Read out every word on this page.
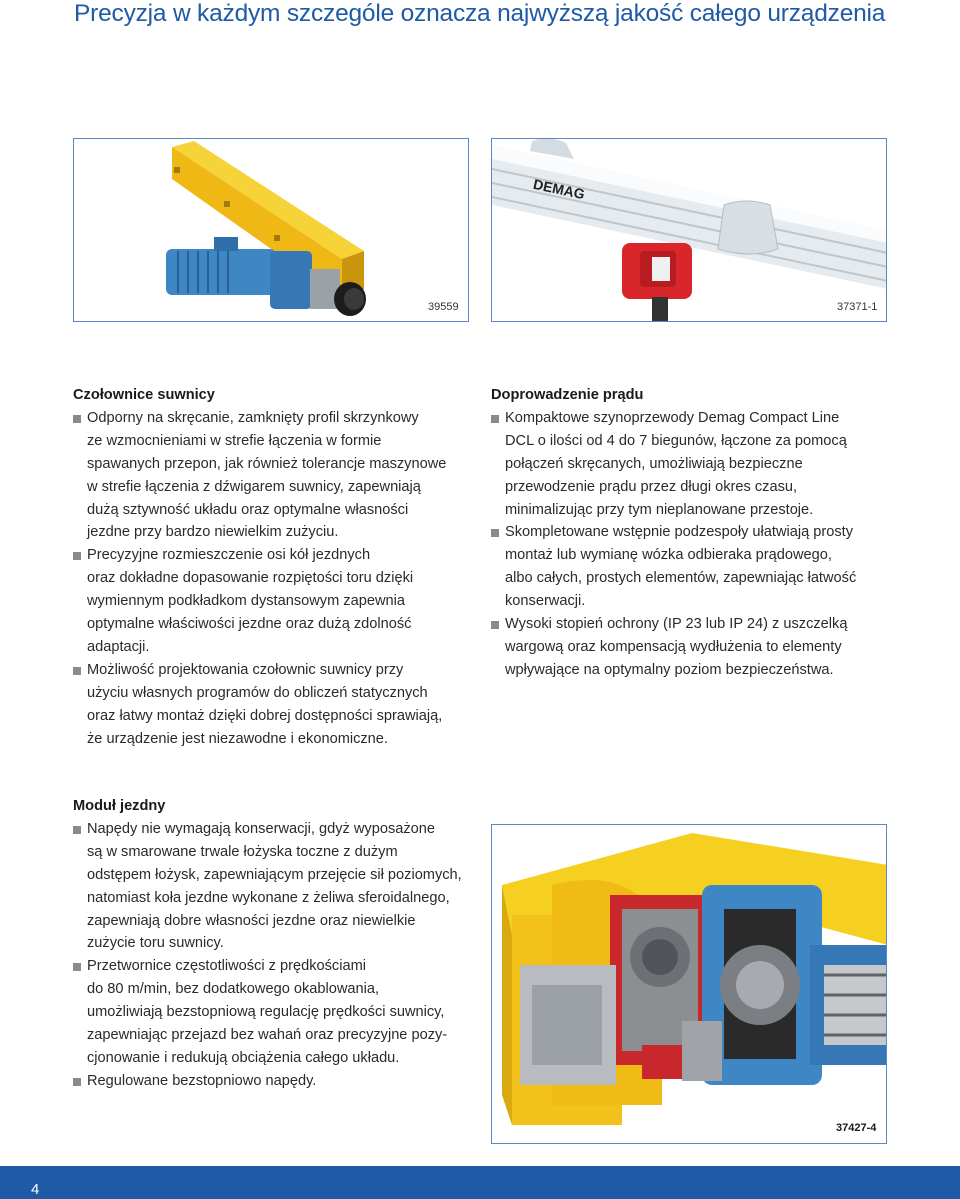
Precyzja w każdym szczególe oznacza najwyższą jakość całego urządzenia
39559
DEMAG
37371-1
Czołownice suwnicy
Odporny na skręcanie, zamknięty profil skrzynkowy
ze wzmocnieniami w strefie łączenia w formie
spawanych przepon, jak również tolerancje maszynowe
w strefie łączenia z dźwigarem suwnicy, zapewniają
dużą sztywność układu oraz optymalne własności
jezdne przy bardzo niewielkim zużyciu.
Precyzyjne rozmieszczenie osi kół jezdnych
oraz dokładne dopasowanie rozpiętości toru dzięki
wymiennym podkładkom dystansowym zapewnia
optymalne właściwości jezdne oraz dużą zdolność
adaptacji.
Możliwość projektowania czołownic suwnicy przy
użyciu własnych programów do obliczeń statycznych
oraz łatwy montaż dzięki dobrej dostępności sprawiają,
że urządzenie jest niezawodne i ekonomiczne.
Doprowadzenie prądu
Kompaktowe szynoprzewody Demag Compact Line
DCL o ilości od 4 do 7 biegunów, łączone za pomocą
połączeń skręcanych, umożliwiają bezpieczne
przewodzenie prądu przez długi okres czasu,
minimalizując przy tym nieplanowane przestoje.
Skompletowane wstępnie podzespoły ułatwiają prosty
montaż lub wymianę wózka odbieraka prądowego,
albo całych, prostych elementów, zapewniając łatwość
konserwacji.
Wysoki stopień ochrony (IP 23 lub IP 24) z uszczelką
wargową oraz kompensacją wydłużenia to elementy
wpływające na optymalny poziom bezpieczeństwa.
Moduł jezdny
Napędy nie wymagają konserwacji, gdyż wyposażone
są w smarowane trwale łożyska toczne z dużym
odstępem łożysk, zapewniającym przejęcie sił poziomych,
natomiast koła jezdne wykonane z żeliwa sferoidalnego,
zapewniają dobre własności jezdne oraz niewielkie
zużycie toru suwnicy.
Przetwornice częstotliwości z prędkościami
do 80 m/min, bez dodatkowego okablowania,
umożliwiają bezstopniową regulację prędkości suwnicy,
zapewniając przejazd bez wahań oraz precyzyjne pozy-
cjonowanie i redukują obciążenia całego układu.
Regulowane bezstopniowo napędy.
37427-4
4
